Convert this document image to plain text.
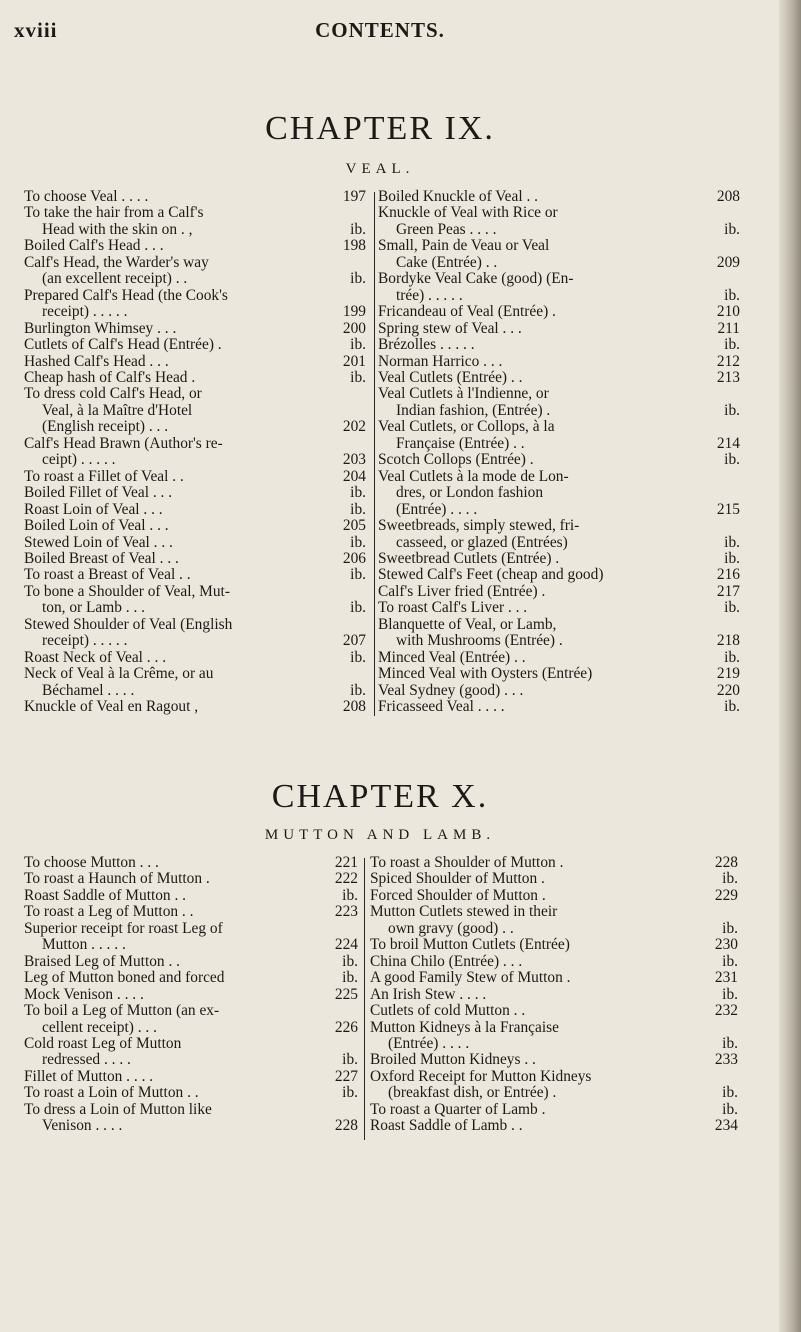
xviii	CONTENTS.
CHAPTER IX.
VEAL.
To choose Veal . . . .	197
To take the hair from a Calf's
Head with the skin on . ,	ib.
Boiled Calf's Head . . .	198
Calf's Head, the Warder's way
(an excellent receipt) . .	ib.
Prepared Calf's Head (the Cook's
receipt) . . . . .	199
Burlington Whimsey . . .	200
Cutlets of Calf's Head (Entrée) .	ib.
Hashed Calf's Head . . .	201
Cheap hash of Calf's Head .	ib.
To dress cold Calf's Head, or
Veal, à la Maître d'Hotel
(English receipt) . . .	202
Calf's Head Brawn (Author's re-
ceipt) . . . . .	203
To roast a Fillet of Veal . .	204
Boiled Fillet of Veal . . .	ib.
Roast Loin of Veal . . .	ib.
Boiled Loin of Veal . . .	205
Stewed Loin of Veal . . .	ib.
Boiled Breast of Veal . . .	206
To roast a Breast of Veal . .	ib.
To bone a Shoulder of Veal, Mut-
ton, or Lamb . . .	ib.
Stewed Shoulder of Veal (English
receipt) . . . . .	207
Roast Neck of Veal . . .	ib.
Neck of Veal à la Crême, or au
Béchamel . . . .	ib.
Knuckle of Veal en Ragout ,	208
Boiled Knuckle of Veal . .	208
Knuckle of Veal with Rice or
Green Peas . . . .	ib.
Small, Pain de Veau or Veal
Cake (Entrée) . .	209
Bordyke Veal Cake (good) (En-
trée) . . . . .	ib.
Fricandeau of Veal (Entrée) .	210
Spring stew of Veal . . .	211
Brézolles . . . . .	ib.
Norman Harrico . . .	212
Veal Cutlets (Entrée) . .	213
Veal Cutlets à l'Indienne, or
Indian fashion, (Entrée) .	ib.
Veal Cutlets, or Collops, à la
Française (Entrée) . .	214
Scotch Collops (Entrée) .	ib.
Veal Cutlets à la mode de Lon-
dres, or London fashion
(Entrée) . . . .	215
Sweetbreads, simply stewed, fri-
casseed, or glazed (Entrées)	ib.
Sweetbread Cutlets (Entrée) .	ib.
Stewed Calf's Feet (cheap and good)	216
Calf's Liver fried (Entrée) .	217
To roast Calf's Liver . . .	ib.
Blanquette of Veal, or Lamb,
with Mushrooms (Entrée) .	218
Minced Veal (Entrée) . .	ib.
Minced Veal with Oysters (Entrée)	219
Veal Sydney (good) . . .	220
Fricasseed Veal . . . .	ib.
CHAPTER X.
MUTTON AND LAMB.
To choose Mutton . . .	221
To roast a Haunch of Mutton .	222
Roast Saddle of Mutton . .	ib.
To roast a Leg of Mutton . .	223
Superior receipt for roast Leg of
Mutton . . . . .	224
Braised Leg of Mutton . .	ib.
Leg of Mutton boned and forced	ib.
Mock Venison . . . .	225
To boil a Leg of Mutton (an ex-
cellent receipt) . . .	226
Cold roast Leg of Mutton
redressed . . . .	ib.
Fillet of Mutton . . . .	227
To roast a Loin of Mutton . .	ib.
To dress a Loin of Mutton like
Venison . . . .	228
To roast a Shoulder of Mutton .	228
Spiced Shoulder of Mutton .	ib.
Forced Shoulder of Mutton .	229
Mutton Cutlets stewed in their
own gravy (good) . .	ib.
To broil Mutton Cutlets (Entrée)	230
China Chilo (Entrée) . . .	ib.
A good Family Stew of Mutton .	231
An Irish Stew . . . .	ib.
Cutlets of cold Mutton . .	232
Mutton Kidneys à la Française
(Entrée) . . . .	ib.
Broiled Mutton Kidneys . .	233
Oxford Receipt for Mutton Kidneys
(breakfast dish, or Entrée) .	ib.
To roast a Quarter of Lamb .	ib.
Roast Saddle of Lamb . .	234
